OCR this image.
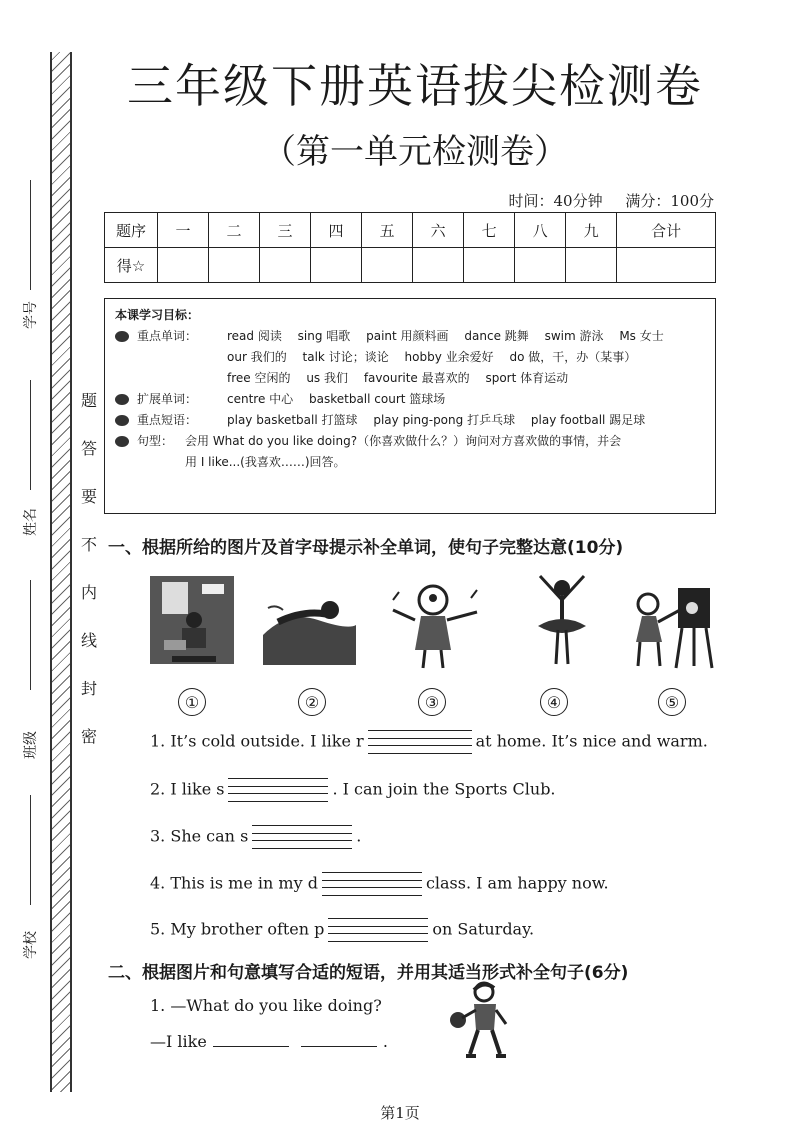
学号
姓名
班级
学校
题
答
要
不
内
线
封
密
三年级下册英语拔尖检测卷
（第一单元检测卷）
时间：40分钟 满分：100分
题序	一	二	三	四	五	六	七	八	九	合计
得☆										
本课学习目标：
重点单词： read 阅读 sing 唱歌 paint 用颜料画 dance 跳舞 swim 游泳 Ms 女士
our 我们的 talk 讨论；谈论 hobby 业余爱好 do 做，干，办（某事）
free 空闲的 us 我们 favourite 最喜欢的 sport 体育运动
扩展单词： centre 中心 basketball court 篮球场
重点短语： play basketball 打篮球 play ping-pong 打乒乓球 play football 踢足球
句型： 会用 What do you like doing?（你喜欢做什么？）询问对方喜欢做的事情，并会
用 I like...(我喜欢……)回答。
一、根据所给的图片及首字母提示补全单词，使句子完整达意(10分)
①	②	③	④	⑤
1. It’s cold outside. I like r	at home. It’s nice and warm.
2. I like s	. I can join the Sports Club.
3. She can s	.
4. This is me in my d	class. I am happy now.
5. My brother often p	on Saturday.
二、根据图片和句意填写合适的短语，并用其适当形式补全句子(6分)
1. —What do you like doing?
—I like	.
第1页
